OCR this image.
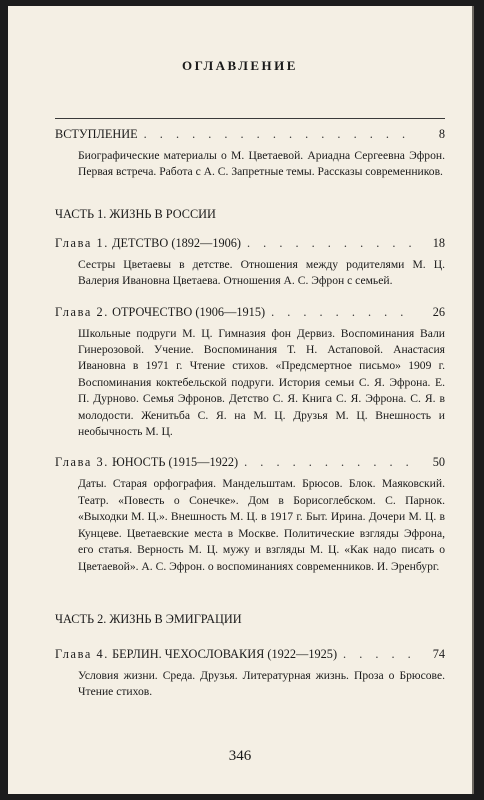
ОГЛАВЛЕНИЕ
ВСТУПЛЕНИЕ . . .	8
Биографические материалы о М. Цветаевой. Ариадна Сергеевна Эфрон. Первая встреча. Работа с А. С. Запретные темы. Рассказы современников.
ЧАСТЬ 1. ЖИЗНЬ В РОССИИ
Глава 1. ДЕТСТВО (1892—1906) . . .	18
Сестры Цветаевы в детстве. Отношения между родителями М. Ц. Валерия Ивановна Цветаева. Отношения А. С. Эфрон с семьей.
Глава 2. ОТРОЧЕСТВО (1906—1915) . . .	26
Школьные подруги М. Ц. Гимназия фон Дервиз. Воспоминания Вали Гинерозовой. Учение. Воспоминания Т. Н. Астаповой. Анастасия Ивановна в 1971 г. Чтение стихов. «Предсмертное письмо» 1909 г. Воспоминания коктебельской подруги. История семьи С. Я. Эфрона. Е. П. Дурново. Семья Эфронов. Детство С. Я. Книга С. Я. Эфрона. С. Я. в молодости. Женитьба С. Я. на М. Ц. Друзья М. Ц. Внешность и необычность М. Ц.
Глава 3. ЮНОСТЬ (1915—1922) . . .	50
Даты. Старая орфография. Мандельштам. Брюсов. Блок. Маяковский. Театр. «Повесть о Сонечке». Дом в Борисоглебском. С. Парнок. «Выходки М. Ц.». Внешность М. Ц. в 1917 г. Быт. Ирина. Дочери М. Ц. в Кунцеве. Цветаевские места в Москве. Политические взгляды Эфрона, его статья. Верность М. Ц. мужу и взгляды М. Ц. «Как надо писать о Цветаевой». А. С. Эфрон. о воспоминаниях современников. И. Эренбург.
ЧАСТЬ 2. ЖИЗНЬ В ЭМИГРАЦИИ
Глава 4. БЕРЛИН. ЧЕХОСЛОВАКИЯ (1922—1925) . . .	74
Условия жизни. Среда. Друзья. Литературная жизнь. Проза о Брюсове. Чтение стихов.
346
